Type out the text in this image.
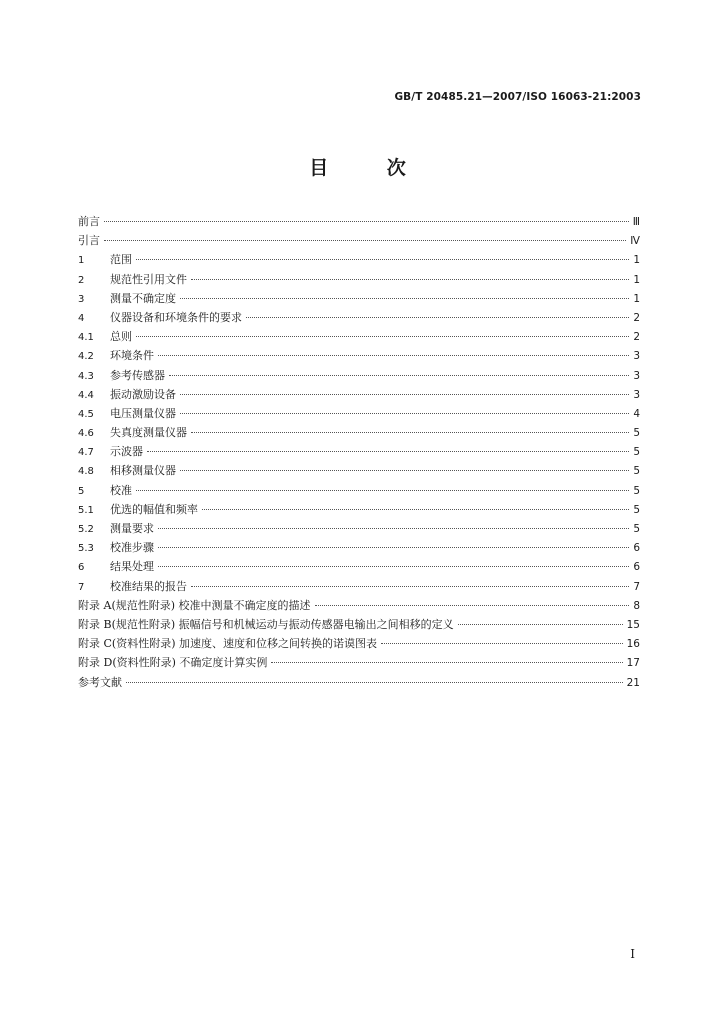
GB/T 20485.21—2007/ISO 16063-21:2003
目 次
前言	Ⅲ
引言	Ⅳ
1	范围	1
2	规范性引用文件	1
3	测量不确定度	1
4	仪器设备和环境条件的要求	2
4.1	总则	2
4.2	环境条件	3
4.3	参考传感器	3
4.4	振动激励设备	3
4.5	电压测量仪器	4
4.6	失真度测量仪器	5
4.7	示波器	5
4.8	相移测量仪器	5
5	校准	5
5.1	优选的幅值和频率	5
5.2	测量要求	5
5.3	校准步骤	6
6	结果处理	6
7	校准结果的报告	7
附录 A(规范性附录) 校准中测量不确定度的描述	8
附录 B(规范性附录) 振幅信号和机械运动与振动传感器电输出之间相移的定义	15
附录 C(资料性附录) 加速度、速度和位移之间转换的诺谟图表	16
附录 D(资料性附录) 不确定度计算实例	17
参考文献	21
I
